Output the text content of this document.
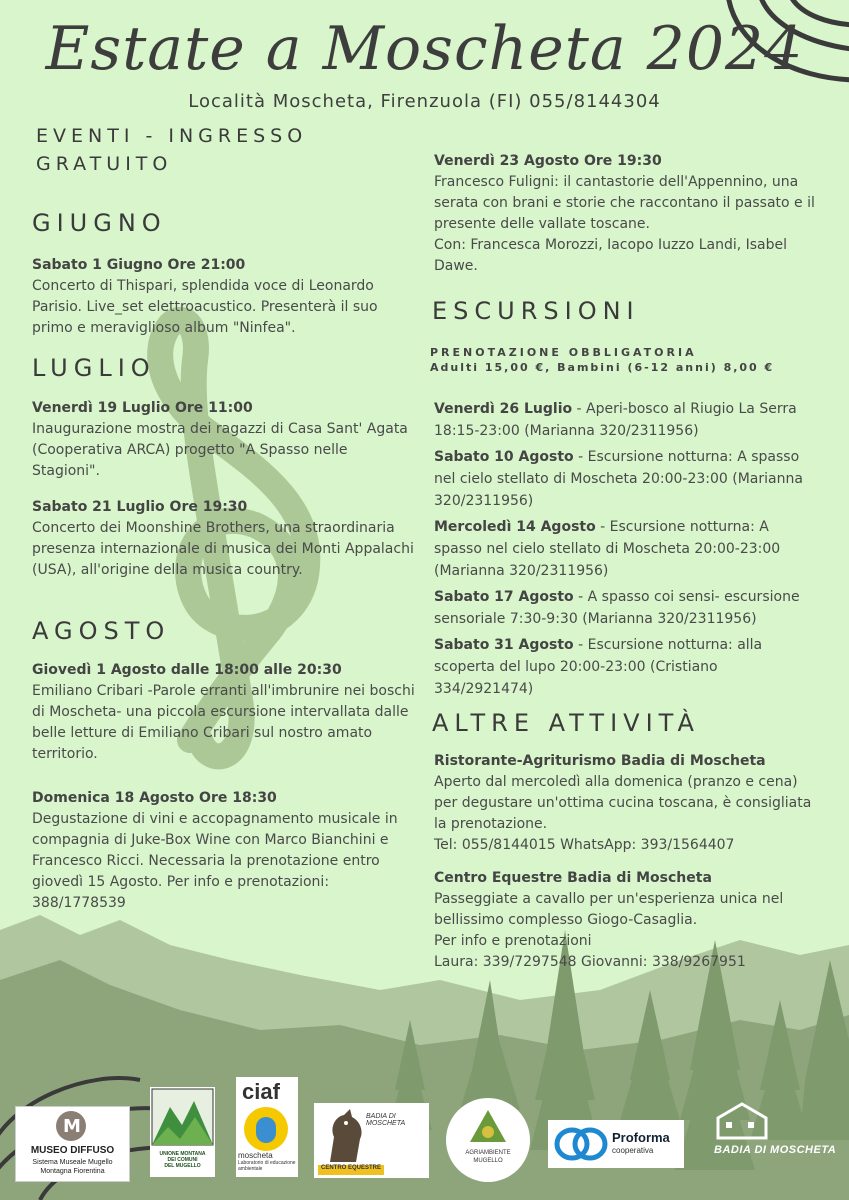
Estate a Moscheta 2024
Località Moscheta, Firenzuola (FI) 055/8144304
EVENTI - INGRESSO GRATUITO
GIUGNO
Sabato 1 Giugno Ore 21:00
Concerto di Thispari, splendida voce di Leonardo Parisio. Live_set elettroacustico. Presenterà il suo primo e meraviglioso album "Ninfea".
LUGLIO
Venerdì 19 Luglio Ore 11:00
Inaugurazione mostra dei ragazzi di Casa Sant' Agata (Cooperativa ARCA) progetto "A Spasso nelle Stagioni".
Sabato 21 Luglio Ore 19:30
Concerto dei Moonshine Brothers, una straordinaria presenza internazionale di musica dei Monti Appalachi (USA), all'origine della musica country.
AGOSTO
Giovedì 1 Agosto dalle 18:00 alle 20:30
Emiliano Cribari -Parole erranti all'imbrunire nei boschi di Moscheta- una piccola escursione intervallata dalle belle letture di Emiliano Cribari sul nostro amato territorio.
Domenica 18 Agosto Ore 18:30
Degustazione di vini e accopagnamento musicale in compagnia di Juke-Box Wine con Marco Bianchini e Francesco Ricci. Necessaria la prenotazione entro giovedì 15 Agosto. Per info e prenotazioni: 388/1778539
Venerdì 23 Agosto Ore 19:30
Francesco Fuligni: il cantastorie dell'Appennino, una serata con brani e storie che raccontano il passato e il presente delle vallate toscane.
Con: Francesca Morozzi, Iacopo Iuzzo Landi, Isabel Dawe.
ESCURSIONI
PRENOTAZIONE OBBLIGATORIA
Adulti 15,00 €, Bambini (6-12 anni) 8,00 €
Venerdì 26 Luglio - Aperi-bosco al Riugio La Serra 18:15-23:00 (Marianna 320/2311956)
Sabato 10 Agosto - Escursione notturna: A spasso nel cielo stellato di Moscheta 20:00-23:00 (Marianna 320/2311956)
Mercoledì 14 Agosto - Escursione notturna: A spasso nel cielo stellato di Moscheta 20:00-23:00 (Marianna 320/2311956)
Sabato 17 Agosto - A spasso coi sensi- escursione sensoriale 7:30-9:30 (Marianna 320/2311956)
Sabato 31 Agosto - Escursione notturna: alla scoperta del lupo 20:00-23:00 (Cristiano 334/2921474)
ALTRE ATTIVITÀ
Ristorante-Agriturismo Badia di Moscheta
Aperto dal mercoledì alla domenica (pranzo e cena) per degustare un'ottima cucina toscana, è consigliata la prenotazione.
Tel: 055/8144015 WhatsApp: 393/1564407
Centro Equestre Badia di Moscheta
Passeggiate a cavallo per un'esperienza unica nel bellissimo complesso Giogo-Casaglia.
Per info e prenotazioni
Laura: 339/7297548 Giovanni: 338/9267951
M
MUSEO DIFFUSO
Sistema Museale Mugello
Montagna Fiorentina
UNIONE MONTANA
DEI COMUNI
DEL MUGELLO
ciaf
moscheta
Laboratorio di educazione ambientale
BADIA DI MOSCHETA
CENTRO EQUESTRE
AGRIAMBIENTE
MUGELLO
Proforma
cooperativa	BADIA DI MOSCHETA
